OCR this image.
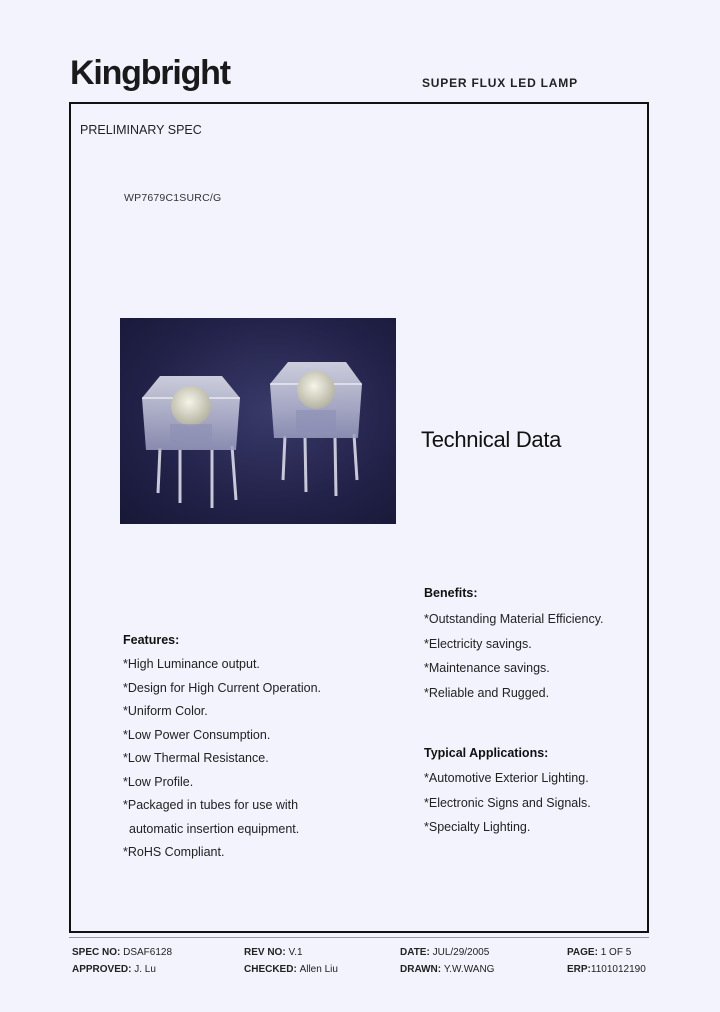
Kingbright	SUPER FLUX LED LAMP
PRELIMINARY SPEC
WP7679C1SURC/G
Technical Data
Benefits:
*Outstanding Material Efficiency.
*Electricity savings.
*Maintenance savings.
*Reliable and Rugged.
Features:
*High Luminance output.
*Design for High Current Operation.
*Uniform Color.
*Low Power Consumption.
*Low Thermal Resistance.
*Low Profile.
*Packaged in tubes for use with
automatic insertion equipment.
*RoHS Compliant.
Typical Applications:
*Automotive Exterior Lighting.
*Electronic Signs and Signals.
*Specialty Lighting.
SPEC NO: DSAF6128	REV NO: V.1	DATE: JUL/29/2005	PAGE: 1 OF 5
APPROVED: J. Lu	CHECKED: Allen Liu	DRAWN: Y.W.WANG	ERP:1101012190
